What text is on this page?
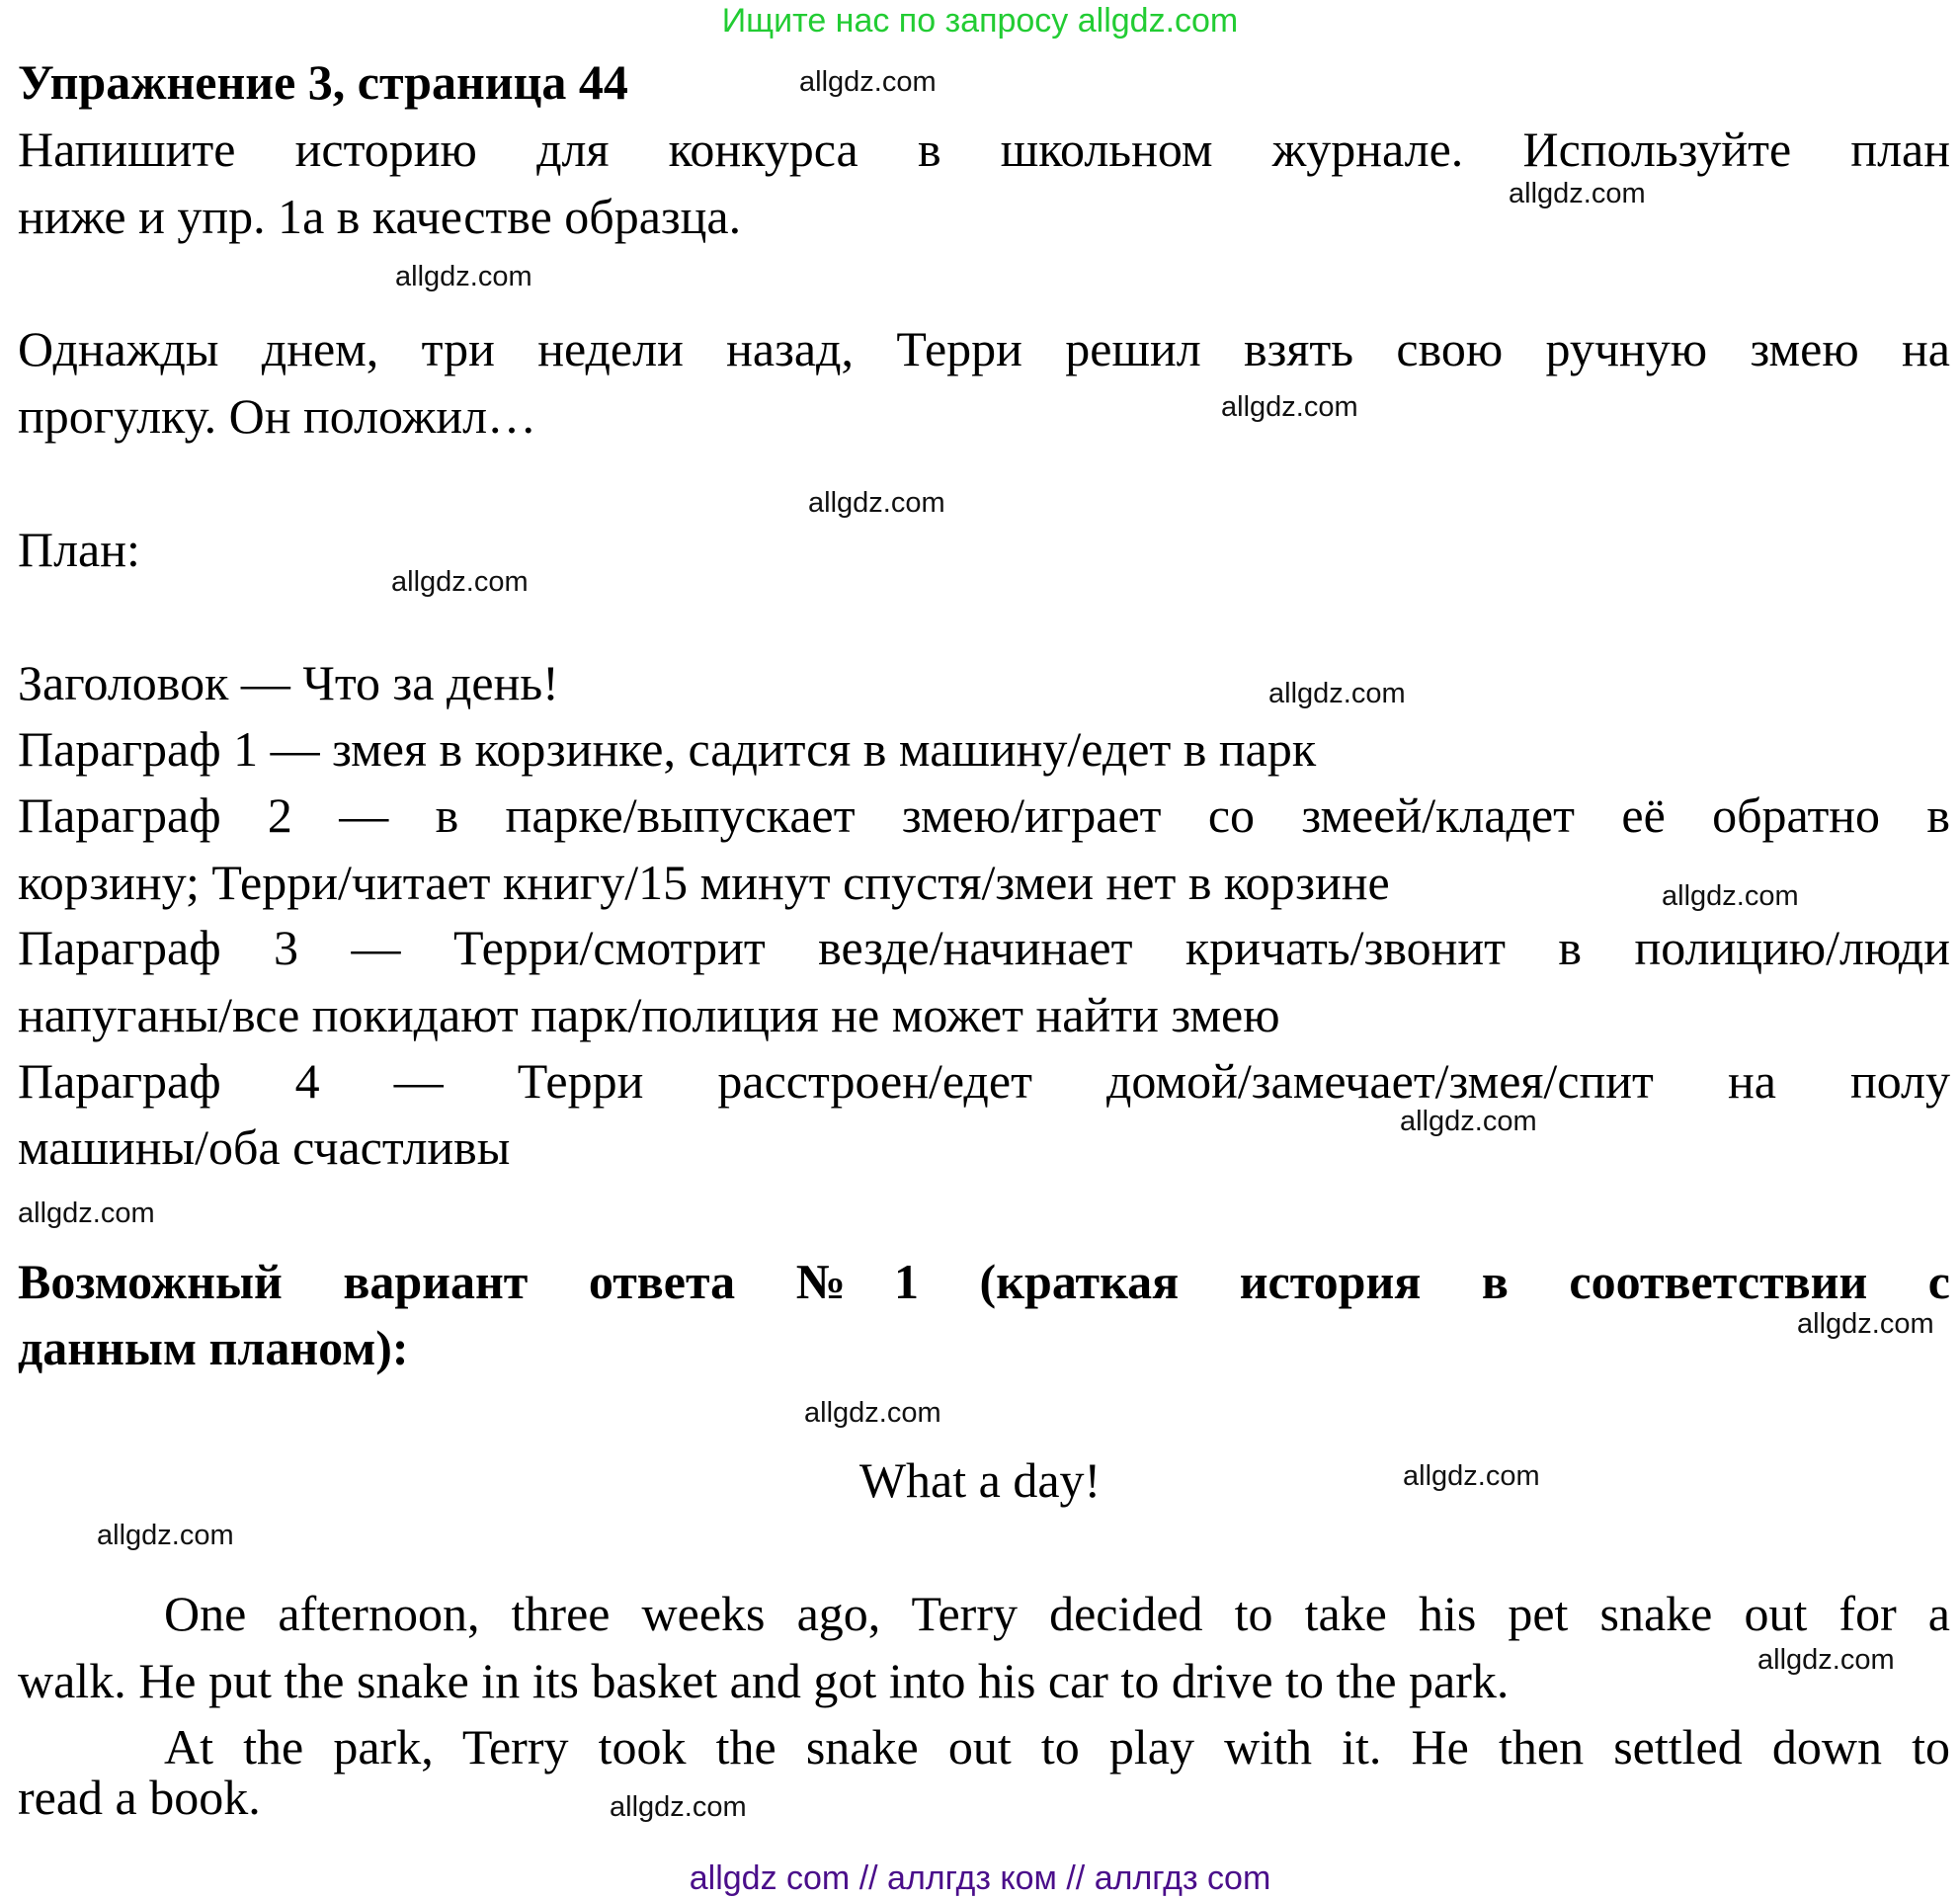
Ищите нас по запросу allgdz.com
Упражнение 3, страница 44	allgdz.com
Напишите историю для конкурса в школьном журнале. Используйте план
allgdz.com
ниже и упр. 1а в качестве образца.
allgdz.com
Однажды днем, три недели назад, Терри решил взять свою ручную змею на
allgdz.com
прогулку. Он положил…
allgdz.com
План:
allgdz.com
Заголовок — Что за день!	allgdz.com
Параграф 1 — змея в корзинке, садится в машину/едет в парк
Параграф 2 — в парке/выпускает змею/играет со змеей/кладет её обратно в
корзину; Терри/читает книгу/15 минут спустя/змеи нет в корзине	allgdz.com
Параграф 3 — Терри/смотрит везде/начинает кричать/звонит в полицию/люди
напуганы/все покидают парк/полиция не может найти змею
Параграф 4 — Терри расстроен/едет домой/замечает/змея/спит на полу
allgdz.com
машины/оба счастливы
allgdz.com
Возможный вариант ответа №1 (краткая история в соответствии с
allgdz.com
данным планом):
allgdz.com
What a day!	allgdz.com
allgdz.com
One afternoon, three weeks ago, Terry decided to take his pet snake out for a
allgdz.com
walk. He put the snake in its basket and got into his car to drive to the park.
At the park, Terry took the snake out to play with it. He then settled down to
read a book.	allgdz.com
allgdz com // аллгдз ком // аллгдз com
